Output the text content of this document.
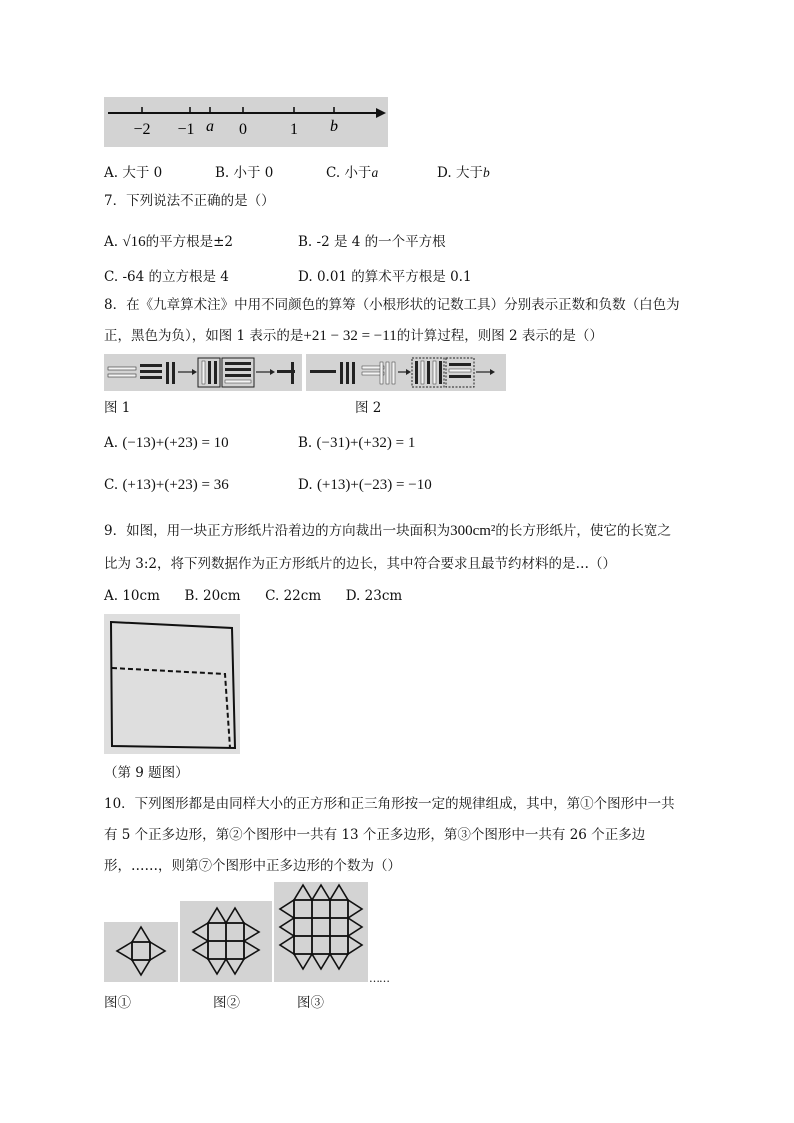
−2 −1 a 0	1 b
A. 大于 0	B. 小于 0	C. 小于a	D. 大于b
7．下列说法不正确的是（）
A. √16的平方根是±2	B. -2 是 4 的一个平方根
C. -64 的立方根是 4	D. 0.01 的算术平方根是 0.1
8．在《九章算术注》中用不同颜色的算筹（小根形状的记数工具）分别表示正数和负数（白色为
正，黑色为负），如图 1 表示的是+21 − 32 = −11的计算过程，则图 2 表示的是（）
图 1	图 2
A. (−13)+(+23) = 10	B. (−31)+(+32) = 1
C. (+13)+(+23) = 36	D. (+13)+(−23) = −10
9．如图，用一块正方形纸片沿着边的方向裁出一块面积为300cm²的长方形纸片，使它的长宽之
比为 3:2，将下列数据作为正方形纸片的边长，其中符合要求且最节约材料的是…（）
A. 10cm B. 20cm C. 22cm D. 23cm
（第 9 题图）
10．下列图形都是由同样大小的正方形和正三角形按一定的规律组成，其中，第①个图形中一共
有 5 个正多边形，第②个图形中一共有 13 个正多边形，第③个图形中一共有 26 个正多边
形，……，则第⑦个图形中正多边形的个数为（）
……
图①	图②	图③
